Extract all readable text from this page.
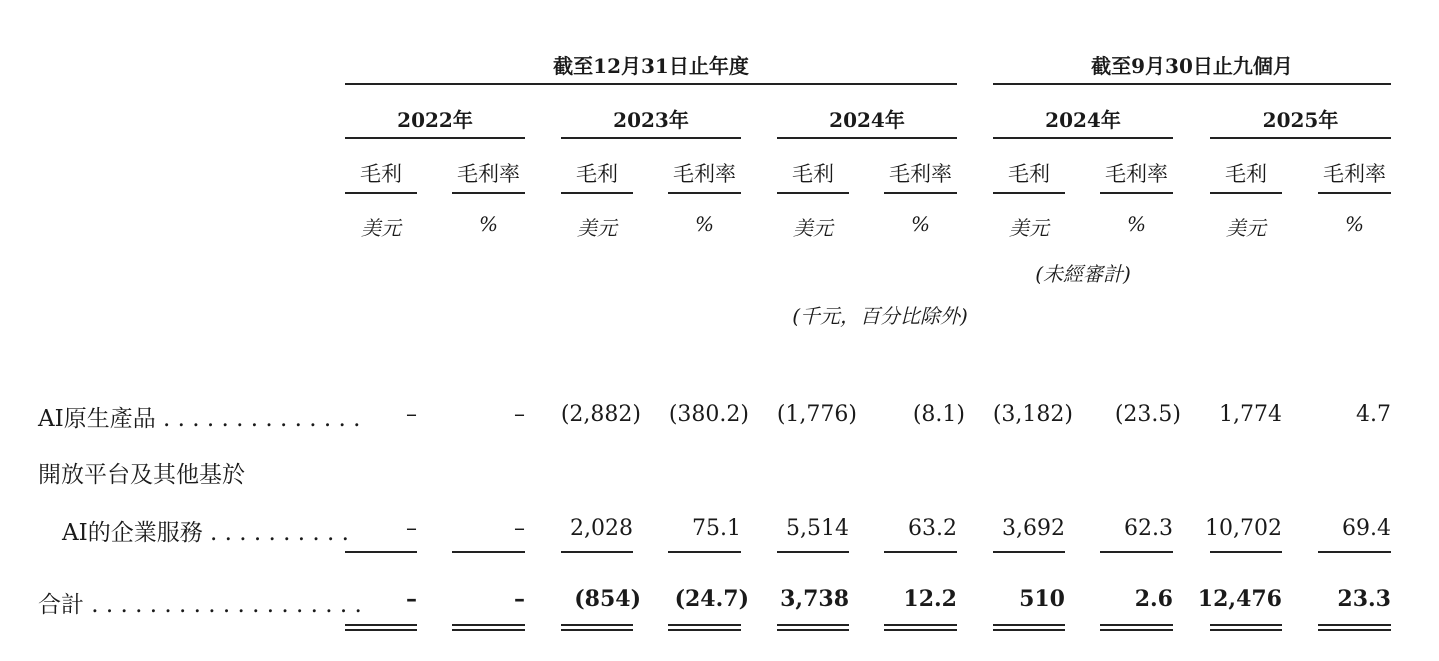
截至12月31日止年度	截至9月30日止九個月
2022年	2023年	2024年	2024年	2025年
毛利	毛利率	毛利	毛利率	毛利	毛利率	毛利	毛利率	毛利	毛利率
美元	%	美元	%	美元	%	美元	%	美元	%
(未經審計)
(千元，百分比除外)
AI原生產品 . . . . . . . . . . . . . .	–	–	(2,882)	(380.2)	(1,776)	(8.1)	(3,182)	(23.5)	1,774	4.7
開放平台及其他基於
AI的企業服務 . . . . . . . . . .	–	–	2,028	75.1	5,514	63.2	3,692	62.3	10,702	69.4
合計 . . . . . . . . . . . . . . . . . . .	–	–	(854)	(24.7)	3,738	12.2	510	2.6	12,476	23.3
